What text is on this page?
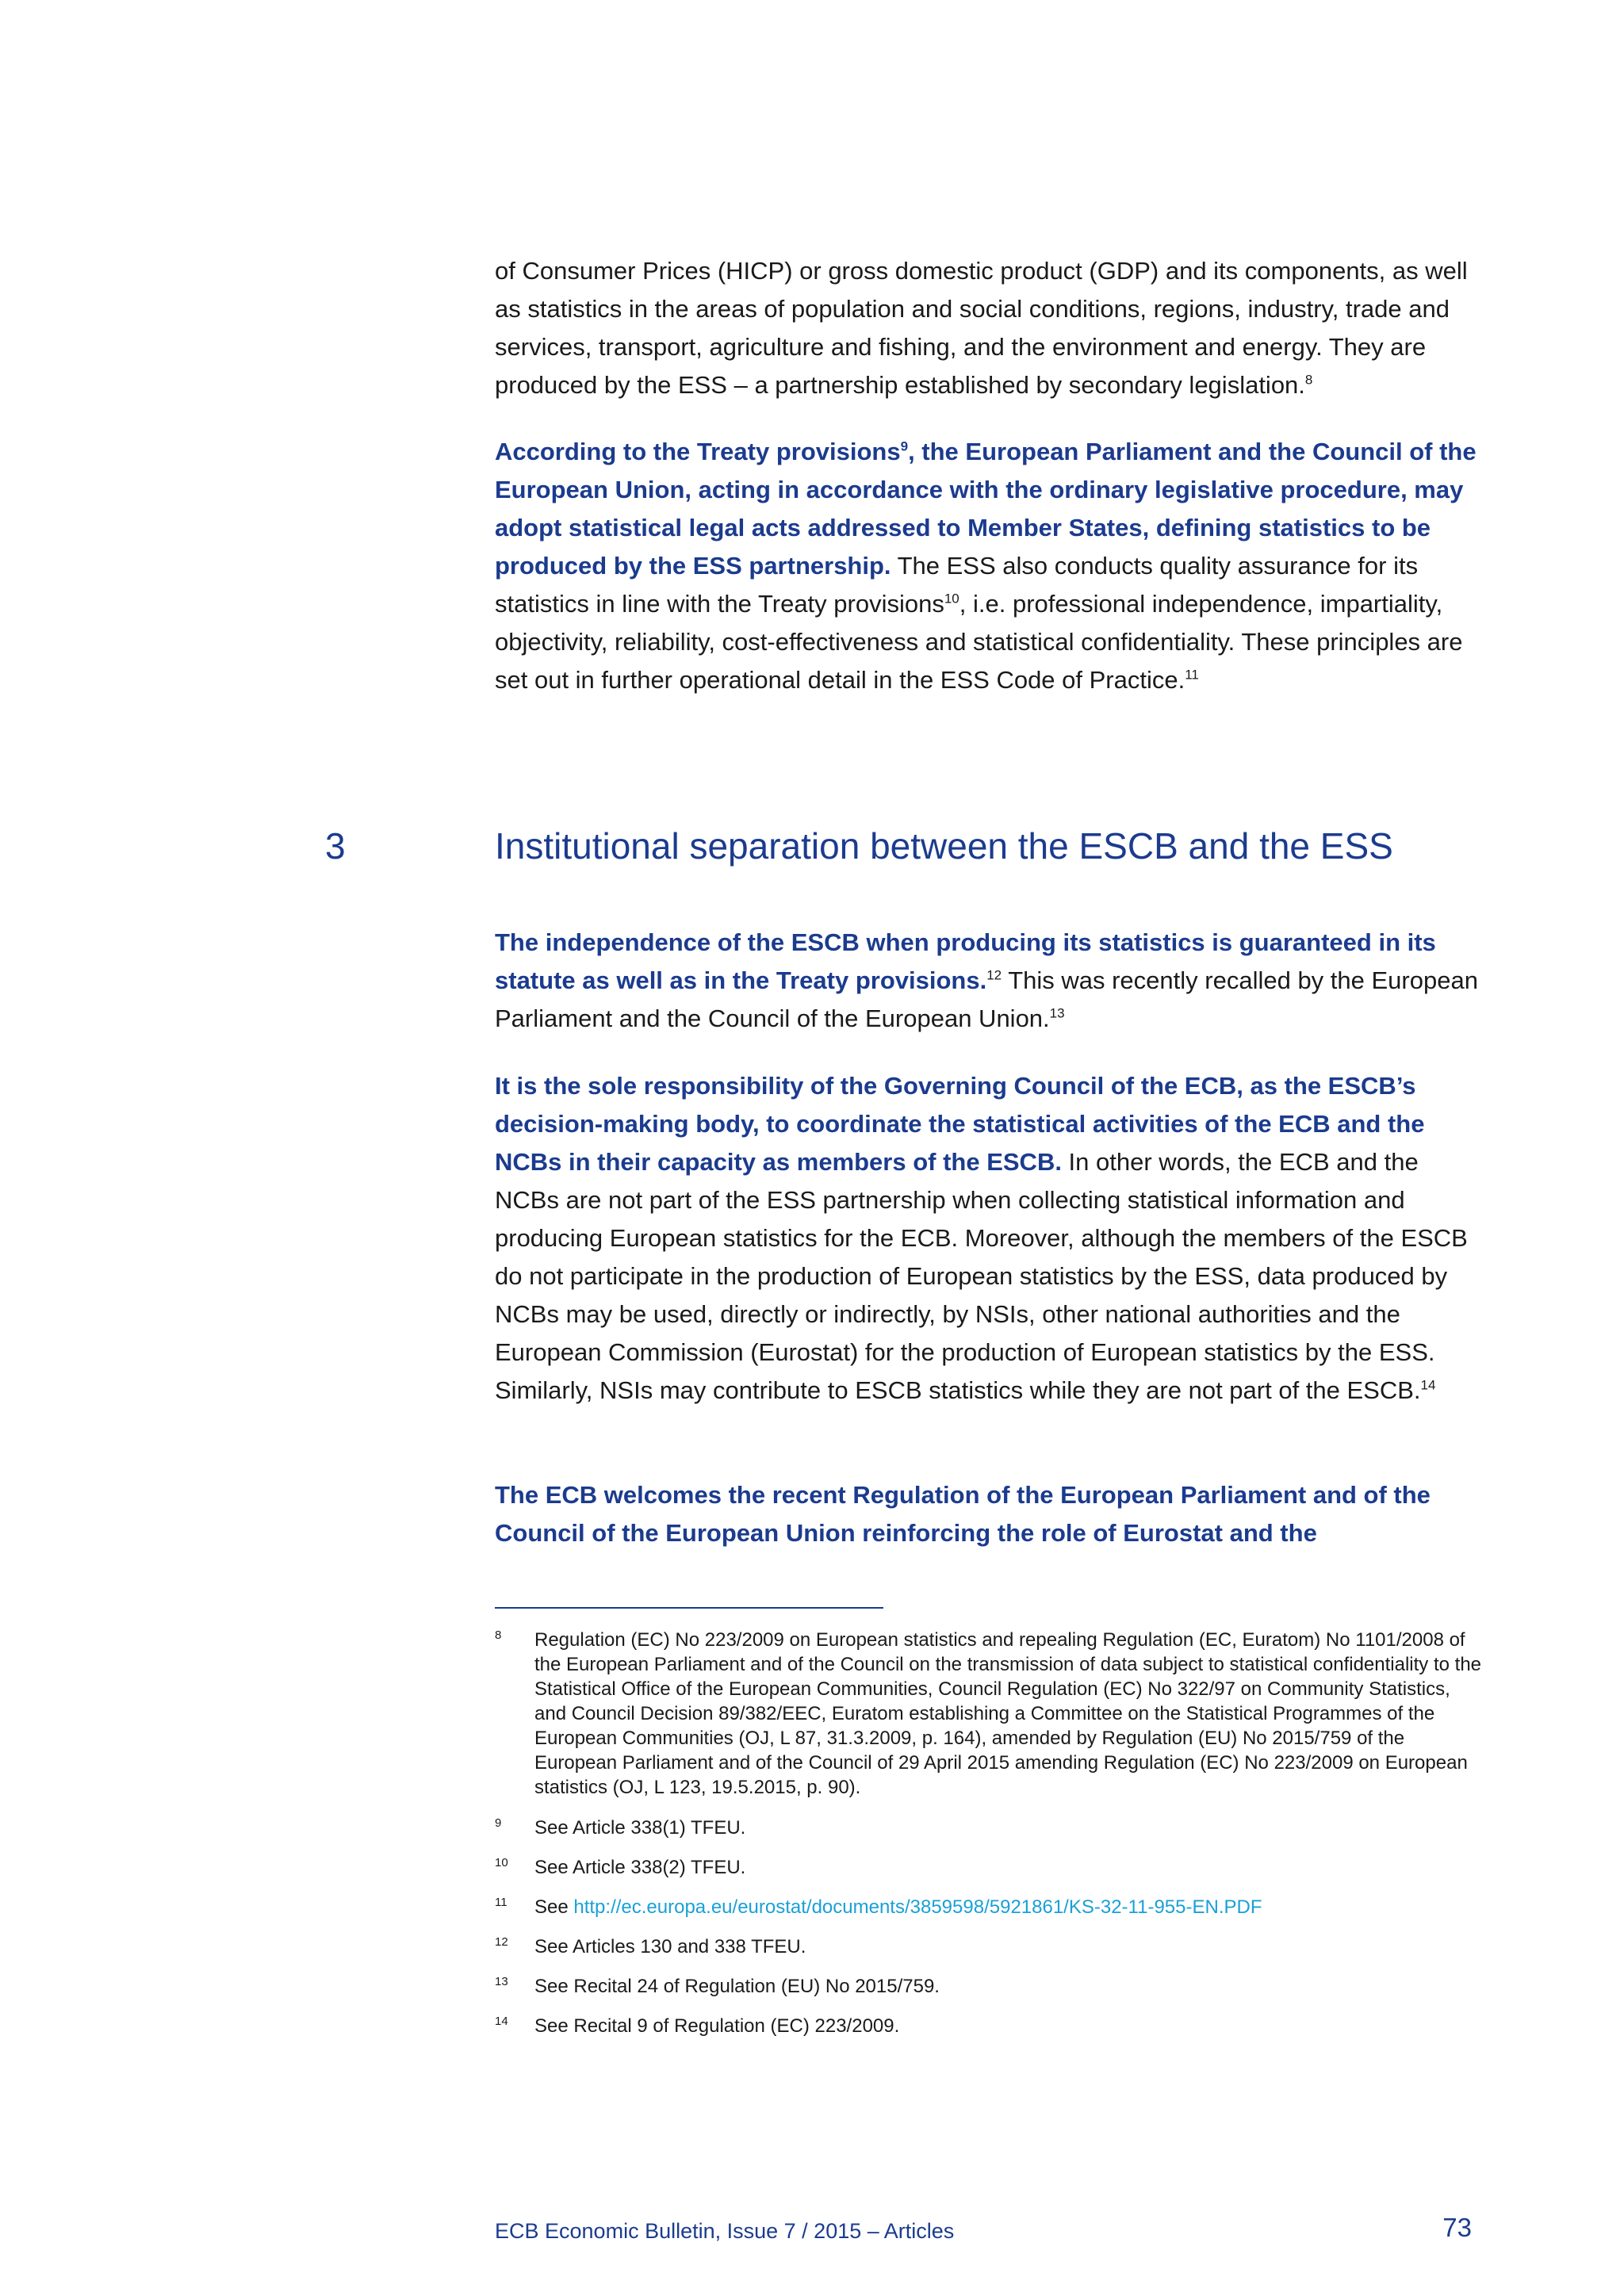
of Consumer Prices (HICP) or gross domestic product (GDP) and its components, as well as statistics in the areas of population and social conditions, regions, industry, trade and services, transport, agriculture and fishing, and the environment and energy. They are produced by the ESS – a partnership established by secondary legislation.$^8$

According to the Treaty provisions$^9$, the European Parliament and the Council of the European Union, acting in accordance with the ordinary legislative procedure, may adopt statistical legal acts addressed to Member States, defining statistics to be produced by the ESS partnership. The ESS also conducts quality assurance for its statistics in line with the Treaty provisions$^{10}$, i.e. professional independence, impartiality, objectivity, reliability, cost-effectiveness and statistical confidentiality. These principles are set out in further operational detail in the ESS Code of Practice.$^{11}$

3	Institutional separation between the ESCB and the ESS

The independence of the ESCB when producing its statistics is guaranteed in its statute as well as in the Treaty provisions.$^{12}$ This was recently recalled by the European Parliament and the Council of the European Union.$^{13}$

It is the sole responsibility of the Governing Council of the ECB, as the ESCB’s decision-making body, to coordinate the statistical activities of the ECB and the NCBs in their capacity as members of the ESCB. In other words, the ECB and the NCBs are not part of the ESS partnership when collecting statistical information and producing European statistics for the ECB. Moreover, although the members of the ESCB do not participate in the production of European statistics by the ESS, data produced by NCBs may be used, directly or indirectly, by NSIs, other national authorities and the European Commission (Eurostat) for the production of European statistics by the ESS. Similarly, NSIs may contribute to ESCB statistics while they are not part of the ESCB.$^{14}$

The ECB welcomes the recent Regulation of the European Parliament and of the Council of the European Union reinforcing the role of Eurostat and the

8 Regulation (EC) No 223/2009 on European statistics and repealing Regulation (EC, Euratom) No 1101/2008 of the European Parliament and of the Council on the transmission of data subject to statistical confidentiality to the Statistical Office of the European Communities, Council Regulation (EC) No 322/97 on Community Statistics, and Council Decision 89/382/EEC, Euratom establishing a Committee on the Statistical Programmes of the European Communities (OJ, L 87, 31.3.2009, p. 164), amended by Regulation (EU) No 2015/759 of the European Parliament and of the Council of 29 April 2015 amending Regulation (EC) No 223/2009 on European statistics (OJ, L 123, 19.5.2015, p. 90).
9 See Article 338(1) TFEU.
10 See Article 338(2) TFEU.
11 See http://ec.europa.eu/eurostat/documents/3859598/5921861/KS-32-11-955-EN.PDF
12 See Articles 130 and 338 TFEU.
13 See Recital 24 of Regulation (EU) No 2015/759.
14 See Recital 9 of Regulation (EC) 223/2009.
ECB Economic Bulletin, Issue 7 / 2015 – Articles	73
